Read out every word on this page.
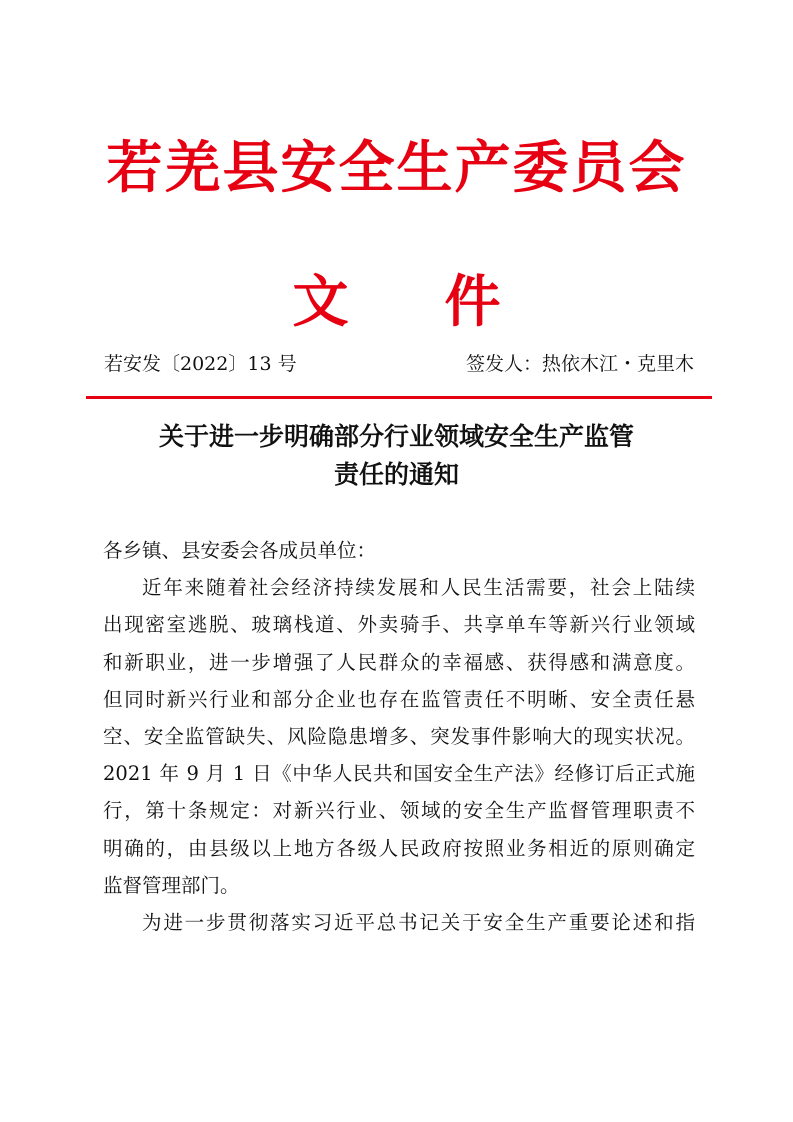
若羌县安全生产委员会
文 件
若安发〔2022〕13 号	签发人：热依木江・克里木
关于进一步明确部分行业领域安全生产监管
责任的通知
各乡镇、县安委会各成员单位：
近年来随着社会经济持续发展和人民生活需要，社会上陆续
出现密室逃脱、玻璃栈道、外卖骑手、共享单车等新兴行业领域
和新职业，进一步增强了人民群众的幸福感、获得感和满意度。
但同时新兴行业和部分企业也存在监管责任不明晰、安全责任悬
空、安全监管缺失、风险隐患增多、突发事件影响大的现实状况。
2021 年 9 月 1 日《中华人民共和国安全生产法》经修订后正式施
行，第十条规定：对新兴行业、领域的安全生产监督管理职责不
明确的，由县级以上地方各级人民政府按照业务相近的原则确定
监督管理部门。
为进一步贯彻落实习近平总书记关于安全生产重要论述和指
